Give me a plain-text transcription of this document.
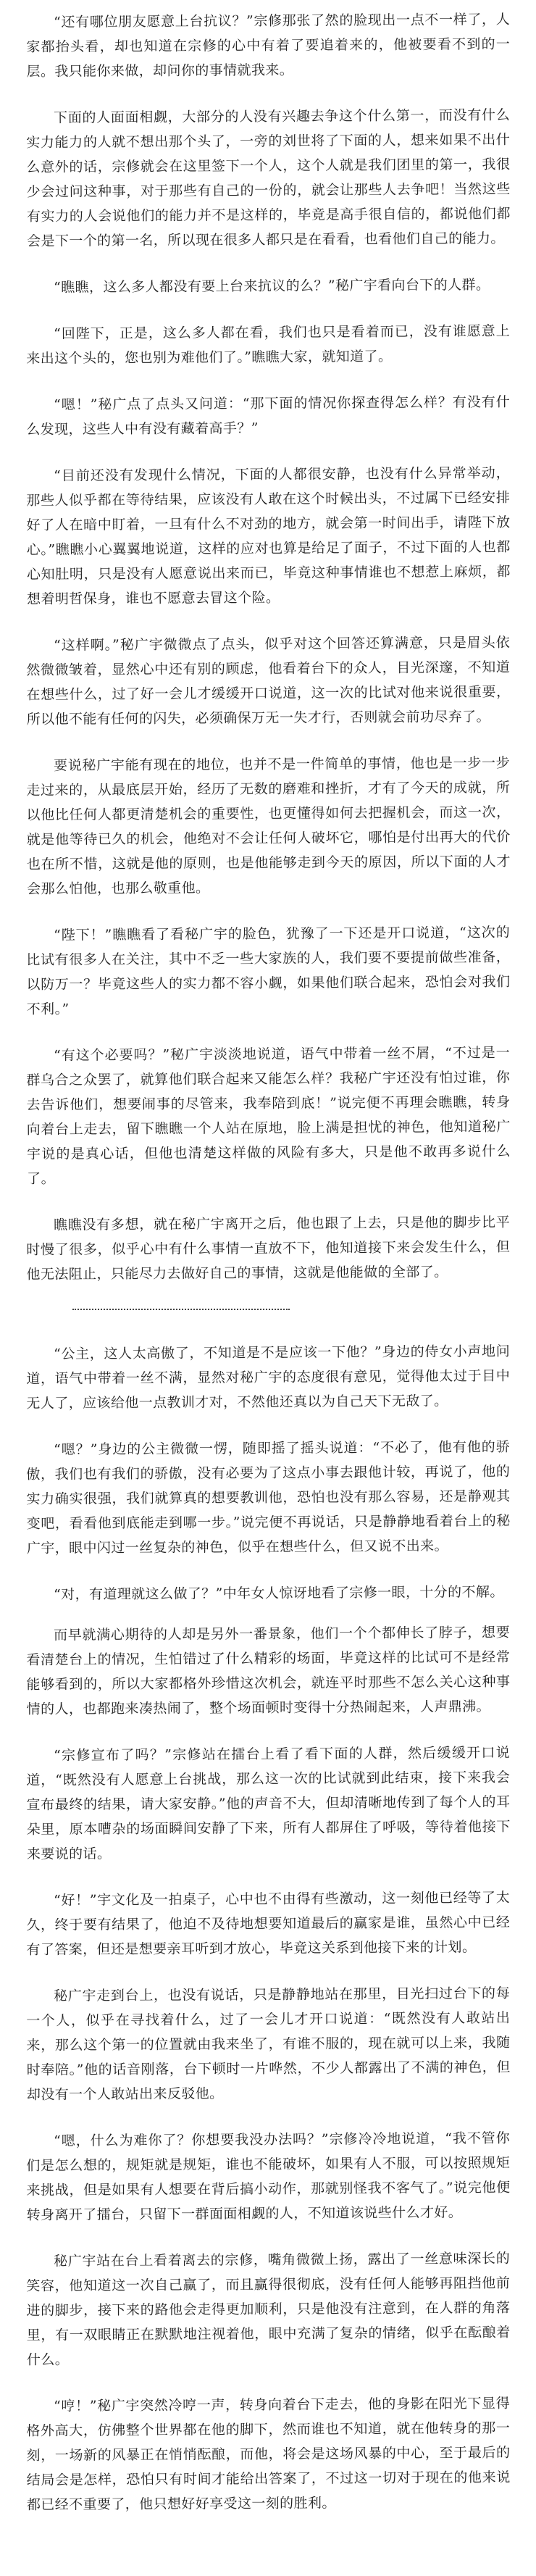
“还有哪位朋友愿意上台抗议？”宗修那张了然的脸现出一点不一样了，人家都抬头看，却也知道在宗修的心中有着了要追着来的，他被要看不到的一层。我只能你来做，却问你的事情就我来。

下面的人面面相觑，大部分的人没有兴趣去争这个什么第一，而没有什么实力能力的人就不想出那个头了，一旁的刘世将了下面的人，想来如果不出什么意外的话，宗修就会在这里签下一个人，这个人就是我们团里的第一，我很少会过问这种事，对于那些有自己的一份的，就会让那些人去争吧！当然这些有实力的人会说他们的能力并不是这样的，毕竟是高手很自信的，都说他们都会是下一个的第一名，所以现在很多人都只是在看看，也看他们自己的能力。

“瞧瞧，这么多人都没有要上台来抗议的么？”秘广宇看向台下的人群。

“回陛下，正是，这么多人都在看，我们也只是看着而已，没有谁愿意上来出这个头的，您也别为难他们了。”瞧瞧大家，就知道了。

“嗯！”秘广点了点头又问道：“那下面的情况你探查得怎么样？有没有什么发现，这些人中有没有藏着高手？”

“目前还没有发现什么情况，下面的人都很安静，也没有什么异常举动，那些人似乎都在等待结果，应该没有人敢在这个时候出头，不过属下已经安排好了人在暗中盯着，一旦有什么不对劲的地方，就会第一时间出手，请陛下放心。”瞧瞧小心翼翼地说道，这样的应对也算是给足了面子，不过下面的人也都心知肚明，只是没有人愿意说出来而已，毕竟这种事情谁也不想惹上麻烦，都想着明哲保身，谁也不愿意去冒这个险。

“这样啊。”秘广宇微微点了点头，似乎对这个回答还算满意，只是眉头依然微微皱着，显然心中还有别的顾虑，他看着台下的众人，目光深邃，不知道在想些什么，过了好一会儿才缓缓开口说道，这一次的比试对他来说很重要，所以他不能有任何的闪失，必须确保万无一失才行，否则就会前功尽弃了。

要说秘广宇能有现在的地位，也并不是一件简单的事情，他也是一步一步走过来的，从最底层开始，经历了无数的磨难和挫折，才有了今天的成就，所以他比任何人都更清楚机会的重要性，也更懂得如何去把握机会，而这一次，就是他等待已久的机会，他绝对不会让任何人破坏它，哪怕是付出再大的代价也在所不惜，这就是他的原则，也是他能够走到今天的原因，所以下面的人才会那么怕他，也那么敬重他。

“陛下！”瞧瞧看了看秘广宇的脸色，犹豫了一下还是开口说道，“这次的比试有很多人在关注，其中不乏一些大家族的人，我们要不要提前做些准备，以防万一？毕竟这些人的实力都不容小觑，如果他们联合起来，恐怕会对我们不利。”

“有这个必要吗？”秘广宇淡淡地说道，语气中带着一丝不屑，“不过是一群乌合之众罢了，就算他们联合起来又能怎么样？我秘广宇还没有怕过谁，你去告诉他们，想要闹事的尽管来，我奉陪到底！”说完便不再理会瞧瞧，转身向着台上走去，留下瞧瞧一个人站在原地，脸上满是担忧的神色，他知道秘广宇说的是真心话，但他也清楚这样做的风险有多大，只是他不敢再多说什么了。

瞧瞧没有多想，就在秘广宇离开之后，他也跟了上去，只是他的脚步比平时慢了很多，似乎心中有什么事情一直放不下，他知道接下来会发生什么，但他无法阻止，只能尽力去做好自己的事情，这就是他能做的全部了。

“公主，这人太高傲了，不知道是不是应该一下他？”身边的侍女小声地问道，语气中带着一丝不满，显然对秘广宇的态度很有意见，觉得他太过于目中无人了，应该给他一点教训才对，不然他还真以为自己天下无敌了。

“嗯？”身边的公主微微一愣，随即摇了摇头说道：“不必了，他有他的骄傲，我们也有我们的骄傲，没有必要为了这点小事去跟他计较，再说了，他的实力确实很强，我们就算真的想要教训他，恐怕也没有那么容易，还是静观其变吧，看看他到底能走到哪一步。”说完便不再说话，只是静静地看着台上的秘广宇，眼中闪过一丝复杂的神色，似乎在想些什么，但又说不出来。

“对，有道理就这么做了？”中年女人惊讶地看了宗修一眼，十分的不解。

而早就满心期待的人却是另外一番景象，他们一个个都伸长了脖子，想要看清楚台上的情况，生怕错过了什么精彩的场面，毕竟这样的比试可不是经常能够看到的，所以大家都格外珍惜这次机会，就连平时那些不怎么关心这种事情的人，也都跑来凑热闹了，整个场面顿时变得十分热闹起来，人声鼎沸。

“宗修宣布了吗？”宗修站在擂台上看了看下面的人群，然后缓缓开口说道，“既然没有人愿意上台挑战，那么这一次的比试就到此结束，接下来我会宣布最终的结果，请大家安静。”他的声音不大，但却清晰地传到了每个人的耳朵里，原本嘈杂的场面瞬间安静了下来，所有人都屏住了呼吸，等待着他接下来要说的话。

“好！”宇文化及一拍桌子，心中也不由得有些激动，这一刻他已经等了太久，终于要有结果了，他迫不及待地想要知道最后的赢家是谁，虽然心中已经有了答案，但还是想要亲耳听到才放心，毕竟这关系到他接下来的计划。

秘广宇走到台上，也没有说话，只是静静地站在那里，目光扫过台下的每一个人，似乎在寻找着什么，过了一会儿才开口说道：“既然没有人敢站出来，那么这个第一的位置就由我来坐了，有谁不服的，现在就可以上来，我随时奉陪。”他的话音刚落，台下顿时一片哗然，不少人都露出了不满的神色，但却没有一个人敢站出来反驳他。

“嗯，什么为难你了？你想要我没办法吗？”宗修冷冷地说道，“我不管你们是怎么想的，规矩就是规矩，谁也不能破坏，如果有人不服，可以按照规矩来挑战，但是如果有人想要在背后搞小动作，那就别怪我不客气了。”说完他便转身离开了擂台，只留下一群面面相觑的人，不知道该说些什么才好。

秘广宇站在台上看着离去的宗修，嘴角微微上扬，露出了一丝意味深长的笑容，他知道这一次自己赢了，而且赢得很彻底，没有任何人能够再阻挡他前进的脚步，接下来的路他会走得更加顺利，只是他没有注意到，在人群的角落里，有一双眼睛正在默默地注视着他，眼中充满了复杂的情绪，似乎在酝酿着什么。

“哼！”秘广宇突然冷哼一声，转身向着台下走去，他的身影在阳光下显得格外高大，仿佛整个世界都在他的脚下，然而谁也不知道，就在他转身的那一刻，一场新的风暴正在悄悄酝酿，而他，将会是这场风暴的中心，至于最后的结局会是怎样，恐怕只有时间才能给出答案了，不过这一切对于现在的他来说都已经不重要了，他只想好好享受这一刻的胜利。
